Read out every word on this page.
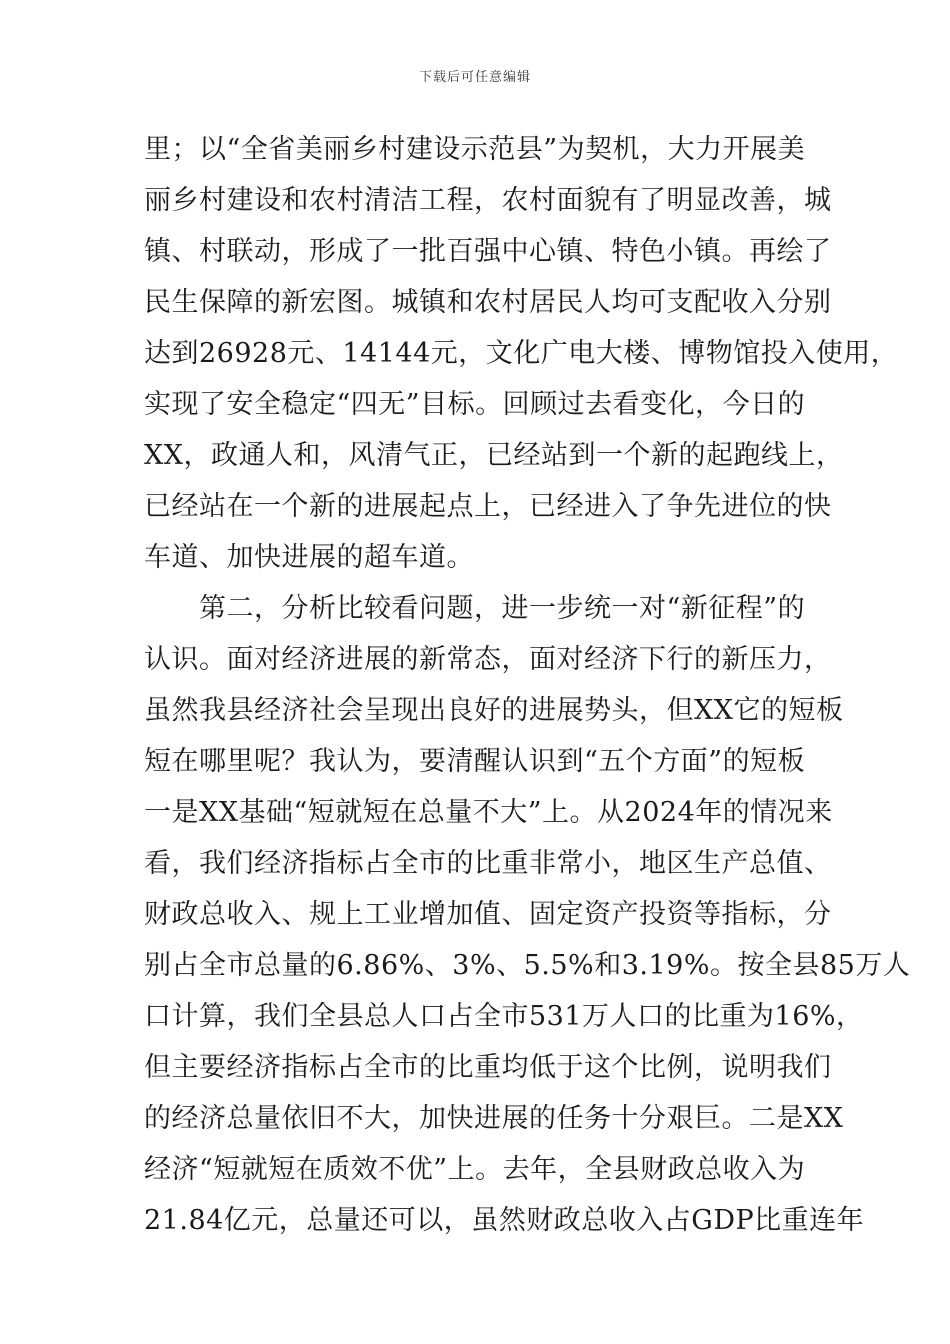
下载后可任意编辑
里；以“全省美丽乡村建设示范县”为契机，大力开展美
丽乡村建设和农村清洁工程，农村面貌有了明显改善，城
镇、村联动，形成了一批百强中心镇、特色小镇。再绘了
民生保障的新宏图。城镇和农村居民人均可支配收入分别
达到26928元、14144元，文化广电大楼、博物馆投入使用，
实现了安全稳定“四无”目标。回顾过去看变化，今日的
XX，政通人和，风清气正，已经站到一个新的起跑线上，
已经站在一个新的进展起点上，已经进入了争先进位的快
车道、加快进展的超车道。
　　第二，分析比较看问题，进一步统一对“新征程”的
认识。面对经济进展的新常态，面对经济下行的新压力，
虽然我县经济社会呈现出良好的进展势头，但XX它的短板
短在哪里呢？我认为，要清醒认识到“五个方面”的短板
一是XX基础“短就短在总量不大”上。从2024年的情况来
看，我们经济指标占全市的比重非常小，地区生产总值、
财政总收入、规上工业增加值、固定资产投资等指标，分
别占全市总量的6.86%、3%、5.5%和3.19%。按全县85万人
口计算，我们全县总人口占全市531万人口的比重为16%，
但主要经济指标占全市的比重均低于这个比例，说明我们
的经济总量依旧不大，加快进展的任务十分艰巨。二是XX
经济“短就短在质效不优”上。去年，全县财政总收入为
21.84亿元，总量还可以，虽然财政总收入占GDP比重连年
